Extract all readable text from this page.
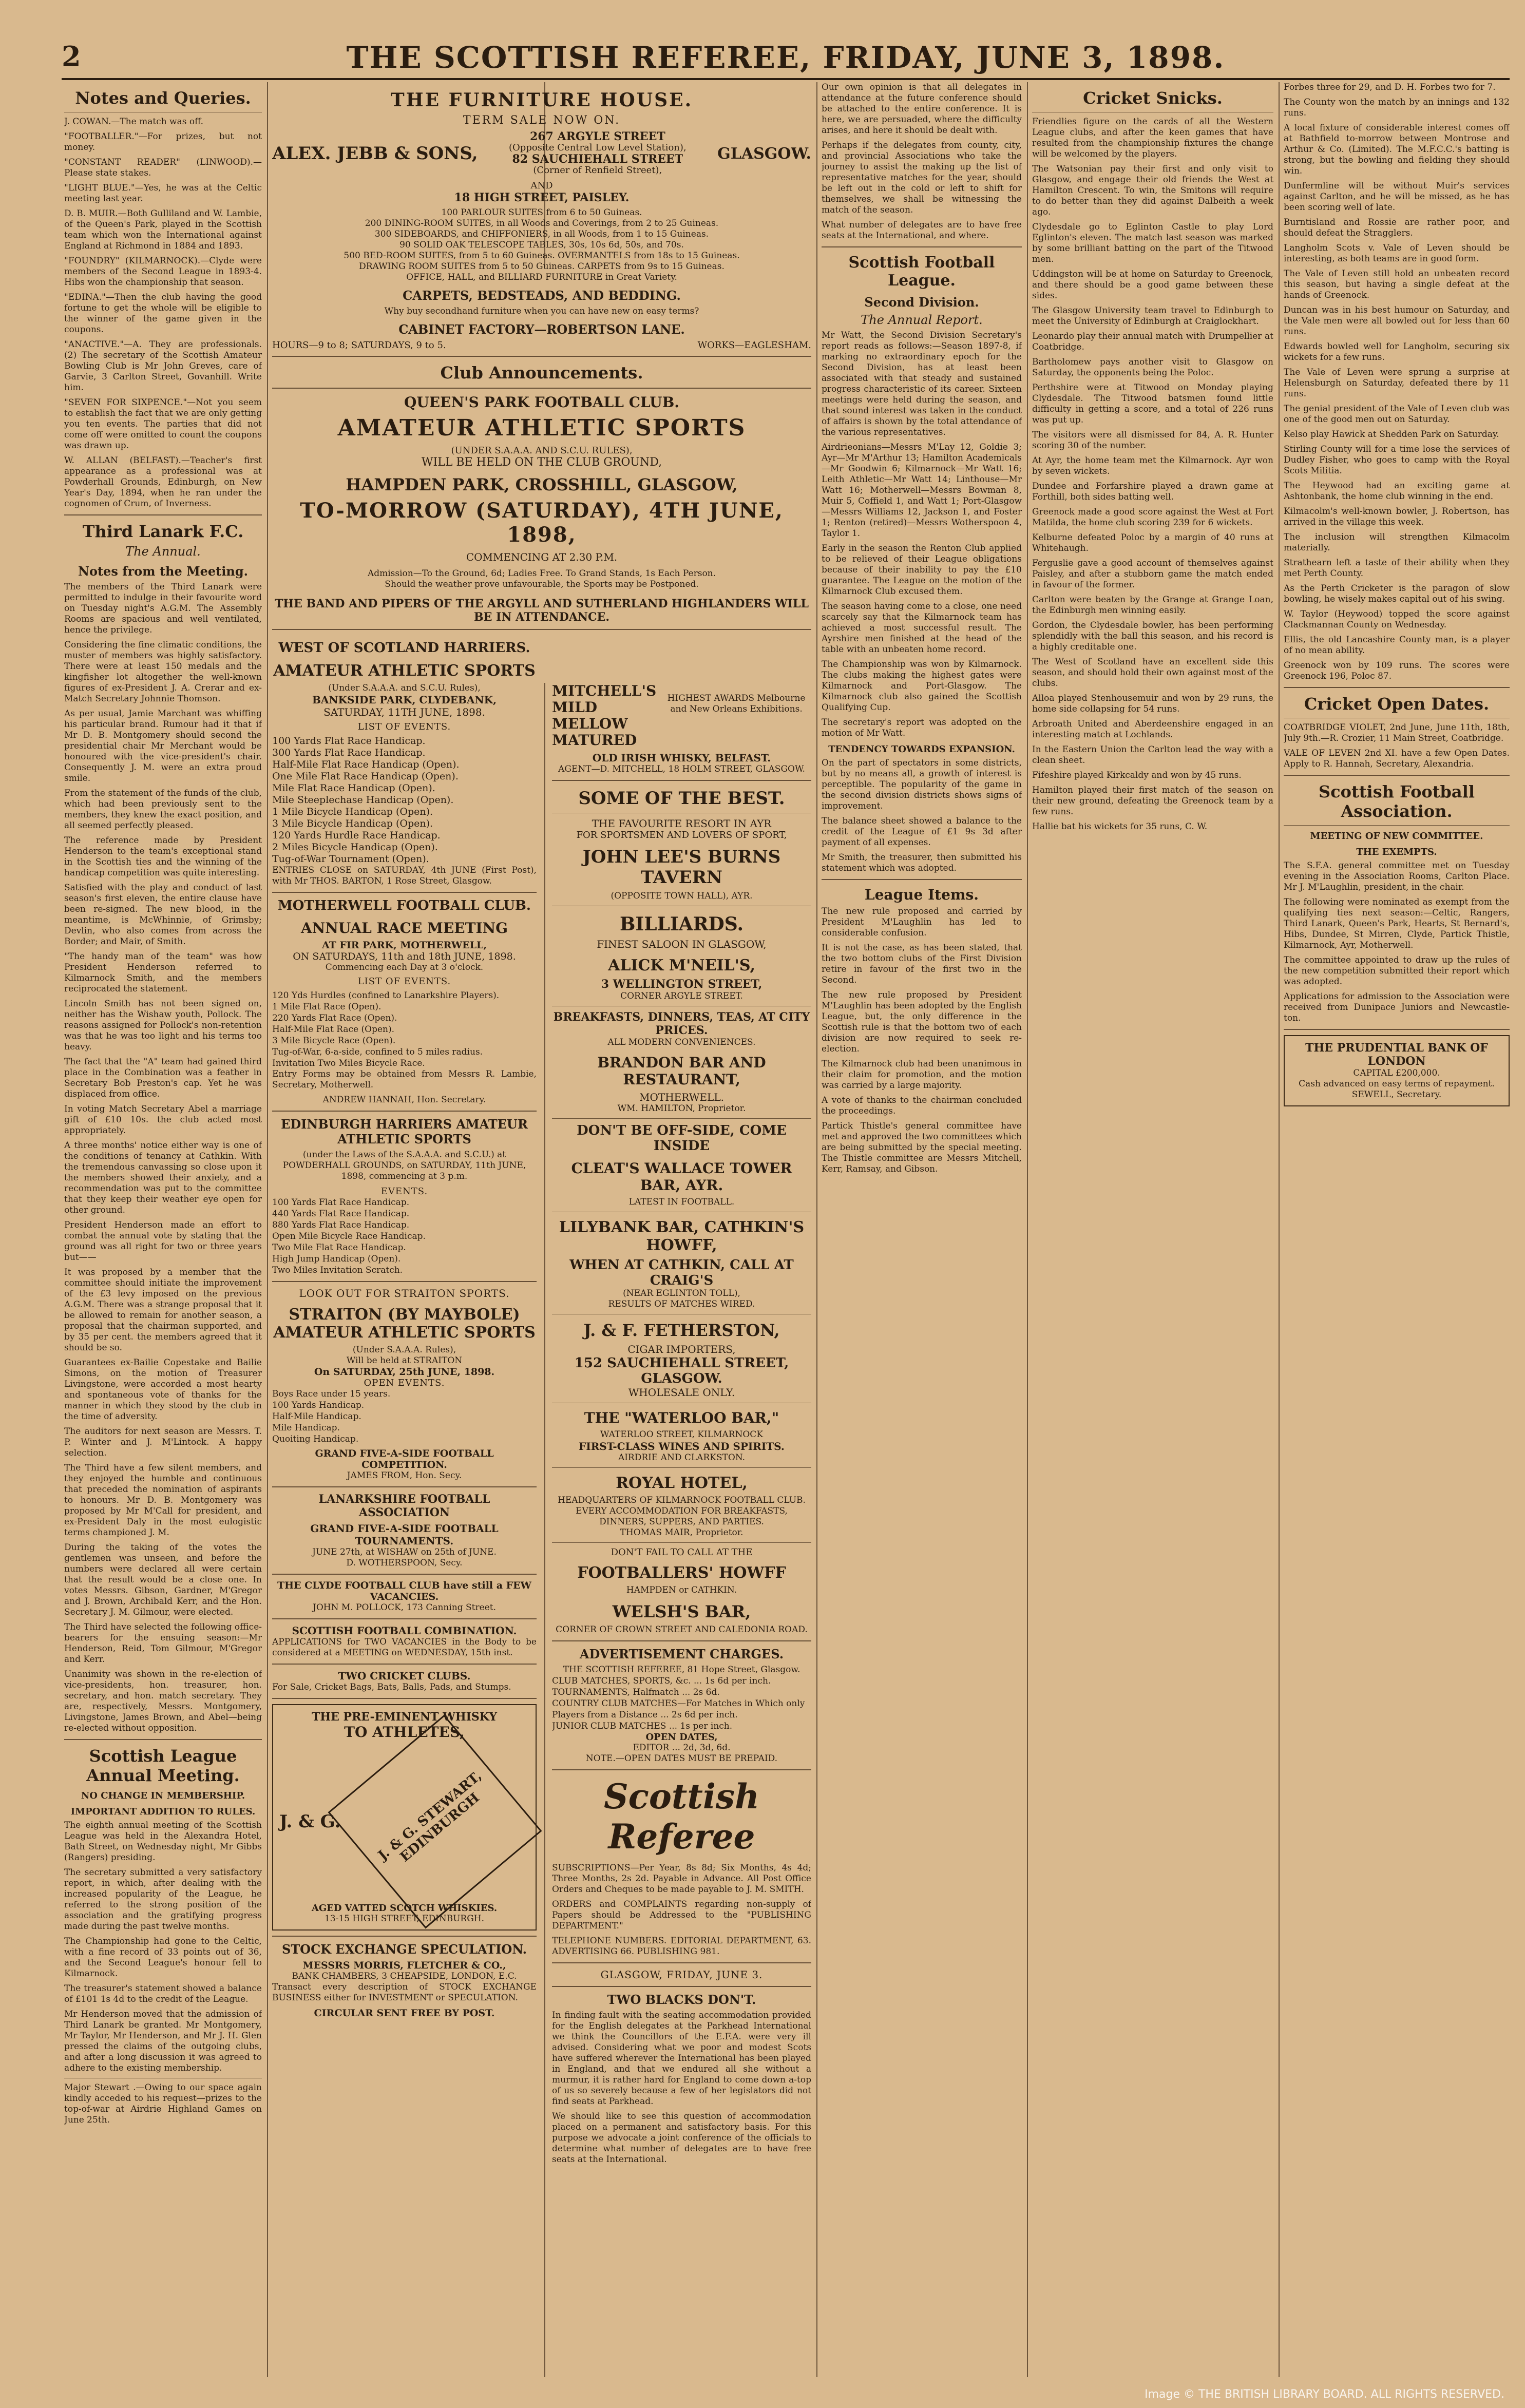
2	THE SCOTTISH REFEREE, FRIDAY, JUNE 3, 1898.
Notes and Queries.

J. COWAN.—The match was off.

"FOOTBALLER."—For prizes, but not money.

"CONSTANT READER" (LINWOOD).—Please state stakes.

"LIGHT BLUE."—Yes, he was at the Celtic meeting last year.

D. B. MUIR.—Both Gulliland and W. Lambie, of the Queen's Park, played in the Scottish team which won the International against England at Richmond in 1884 and 1893.

"FOUNDRY" (KILMARNOCK).—Clyde were members of the Second League in 1893-4. Hibs won the championship that season.

"EDINA."—Then the club having the good fortune to get the whole will be eligible to the winner of the game given in the coupons.

"ANACTIVE."—A. They are professionals. (2) The secretary of the Scottish Amateur Bowling Club is Mr John Greves, care of Garvie, 3 Carlton Street, Govanhill. Write him.

"SEVEN FOR SIXPENCE."—Not you seem to establish the fact that we are only getting you ten events. The parties that did not come off were omitted to count the coupons was drawn up.

W. ALLAN (BELFAST).—Teacher's first appearance as a professional was at Powderhall Grounds, Edinburgh, on New Year's Day, 1894, when he ran under the cognomen of Crum, of Inverness.

Third Lanark F.C.
The Annual.
Notes from the Meeting.

The members of the Third Lanark were permitted to indulge in their favourite word on Tuesday night's A.G.M. The Assembly Rooms are spacious and well ventilated, hence the privilege.

Considering the fine climatic conditions, the muster of members was highly satisfactory. There were at least 150 medals and the kingfisher lot altogether the well-known figures of ex-President J. A. Crerar and ex-Match Secretary Johnnie Thomson.

As per usual, Jamie Marchant was whiffing his particular brand. Rumour had it that if Mr D. B. Montgomery should second the presidential chair Mr Merchant would be honoured with the vice-president's chair. Consequently J. M. were an extra proud smile.

From the statement of the funds of the club, which had been previously sent to the members, they knew the exact position, and all seemed perfectly pleased.

The reference made by President Henderson to the team's exceptional stand in the Scottish ties and the winning of the handicap competition was quite interesting.

Satisfied with the play and conduct of last season's first eleven, the entire clause have been re-signed. The new blood, in the meantime, is McWhinnie, of Grimsby; Devlin, who also comes from across the Border; and Mair, of Smith.

"The handy man of the team" was how President Henderson referred to Kilmarnock Smith, and the members reciprocated the statement.

Lincoln Smith has not been signed on, neither has the Wishaw youth, Pollock. The reasons assigned for Pollock's non-retention was that he was too light and his terms too heavy.

The fact that the "A" team had gained third place in the Combination was a feather in Secretary Bob Preston's cap. Yet he was displaced from office.

In voting Match Secretary Abel a marriage gift of £10 10s. the club acted most appropriately.

A three months' notice either way is one of the conditions of tenancy at Cathkin. With the tremendous canvassing so close upon it the members showed their anxiety, and a recommendation was put to the committee that they keep their weather eye open for other ground.

President Henderson made an effort to combat the annual vote by stating that the ground was all right for two or three years but——

It was proposed by a member that the committee should initiate the improvement of the £3 levy imposed on the previous A.G.M. There was a strange proposal that it be allowed to remain for another season, a proposal that the chairman supported, and by 35 per cent. the members agreed that it should be so.

Guarantees ex-Bailie Copestake and Bailie Simons, on the motion of Treasurer Livingstone, were accorded a most hearty and spontaneous vote of thanks for the manner in which they stood by the club in the time of adversity.

The auditors for next season are Messrs. T. P. Winter and J. M'Lintock. A happy selection.

The Third have a few silent members, and they enjoyed the humble and continuous that preceded the nomination of aspirants to honours. Mr D. B. Montgomery was proposed by Mr M'Call for president, and ex-President Daly in the most eulogistic terms championed J. M.

During the taking of the votes the gentlemen was unseen, and before the numbers were declared all were certain that the result would be a close one. In votes Messrs. Gibson, Gardner, M'Gregor and J. Brown, Archibald Kerr, and the Hon. Secretary J. M. Gilmour, were elected.

The Third have selected the following office-bearers for the ensuing season:—Mr Henderson, Reid, Tom Gilmour, M'Gregor and Kerr.

Unanimity was shown in the re-election of vice-presidents, hon. treasurer, hon. secretary, and hon. match secretary. They are, respectively, Messrs. Montgomery, Livingstone, James Brown, and Abel—being re-elected without opposition.

Scottish League Annual Meeting.
NO CHANGE IN MEMBERSHIP.
IMPORTANT ADDITION TO RULES.

The eighth annual meeting of the Scottish League was held in the Alexandra Hotel, Bath Street, on Wednesday night, Mr Gibbs (Rangers) presiding.

The secretary submitted a very satisfactory report, in which, after dealing with the increased popularity of the League, he referred to the strong position of the association and the gratifying progress made during the past twelve months.

The Championship had gone to the Celtic, with a fine record of 33 points out of 36, and the Second League's honour fell to Kilmarnock.

The treasurer's statement showed a balance of £101 1s 4d to the credit of the League.

Mr Henderson moved that the admission of Third Lanark be granted. Mr Montgomery, Mr Taylor, Mr Henderson, and Mr J. H. Glen pressed the claims of the outgoing clubs, and after a long discussion it was agreed to adhere to the existing membership.

Major Stewart .—Owing to our space again kindly acceded to his request—prizes to the top-of-war at Airdrie Highland Games on June 25th.

THE FURNITURE HOUSE.
TERM SALE NOW ON.
ALEX. JEBB & SONS,
267 ARGYLE STREET
(Opposite Central Low Level Station),
82 SAUCHIEHALL STREET
(Corner of Renfield Street),
GLASGOW.
AND
18 HIGH STREET, PAISLEY.
100 PARLOUR SUITES from 6 to 50 Guineas.
200 DINING-ROOM SUITES, in all Woods and Coverings, from 2 to 25 Guineas.
300 SIDEBOARDS, and CHIFFONIERS, in all Woods, from 1 to 15 Guineas.
90 SOLID OAK TELESCOPE TABLES, 30s, 10s 6d, 50s, and 70s.
500 BED-ROOM SUITES, from 5 to 60 Guineas. OVERMANTELS from 18s to 15 Guineas.
DRAWING ROOM SUITES from 5 to 50 Guineas. CARPETS from 9s to 15 Guineas.
OFFICE, HALL, and BILLIARD FURNITURE in Great Variety.
CARPETS, BEDSTEADS, AND BEDDING.
Why buy secondhand furniture when you can have new on easy terms?
CABINET FACTORY—ROBERTSON LANE.
HOURS—9 to 8; SATURDAYS, 9 to 5.	WORKS—EAGLESHAM.
Club Announcements.
QUEEN'S PARK FOOTBALL CLUB.
AMATEUR ATHLETIC SPORTS
(UNDER S.A.A.A. AND S.C.U. RULES),
WILL BE HELD ON THE CLUB GROUND,
HAMPDEN PARK, CROSSHILL, GLASGOW,
TO-MORROW (SATURDAY), 4TH JUNE, 1898,
COMMENCING AT 2.30 P.M.
Admission—To the Ground, 6d; Ladies Free. To Grand Stands, 1s Each Person.
Should the weather prove unfavourable, the Sports may be Postponed.
THE BAND AND PIPERS OF THE ARGYLL AND SUTHERLAND HIGHLANDERS WILL BE IN ATTENDANCE.
WEST OF SCOTLAND HARRIERS.
AMATEUR ATHLETIC SPORTS
(Under S.A.A.A. and S.C.U. Rules),
BANKSIDE PARK, CLYDEBANK,
SATURDAY, 11TH JUNE, 1898.
LIST OF EVENTS.
100 Yards Flat Race Handicap.
300 Yards Flat Race Handicap.
Half-Mile Flat Race Handicap (Open).
One Mile Flat Race Handicap (Open).
Mile Flat Race Handicap (Open).
Mile Steeplechase Handicap (Open).
1 Mile Bicycle Handicap (Open).
3 Mile Bicycle Handicap (Open).
120 Yards Hurdle Race Handicap.
2 Miles Bicycle Handicap (Open).
Tug-of-War Tournament (Open).

ENTRIES CLOSE on SATURDAY, 4th JUNE (First Post), with Mr THOS. BARTON, 1 Rose Street, Glasgow.

MOTHERWELL FOOTBALL CLUB.
ANNUAL RACE MEETING
AT FIR PARK, MOTHERWELL,
ON SATURDAYS, 11th and 18th JUNE, 1898.
Commencing each Day at 3 o'clock.
LIST OF EVENTS.
120 Yds Hurdles (confined to Lanarkshire Players).
1 Mile Flat Race (Open).
220 Yards Flat Race (Open).
Half-Mile Flat Race (Open).
3 Mile Bicycle Race (Open).
Tug-of-War, 6-a-side, confined to 5 miles radius.
Invitation Two Miles Bicycle Race.

Entry Forms may be obtained from Messrs R. Lambie, Secretary, Motherwell.

ANDREW HANNAH, Hon. Secretary.
EDINBURGH HARRIERS AMATEUR ATHLETIC SPORTS

(under the Laws of the S.A.A.A. and S.C.U.) at POWDERHALL GROUNDS, on SATURDAY, 11th JUNE, 1898, commencing at 3 p.m.

EVENTS.
100 Yards Flat Race Handicap.
440 Yards Flat Race Handicap.
880 Yards Flat Race Handicap.
Open Mile Bicycle Race Handicap.
Two Mile Flat Race Handicap.
High Jump Handicap (Open).
Two Miles Invitation Scratch.
LOOK OUT FOR STRAITON SPORTS.
STRAITON (BY MAYBOLE) AMATEUR ATHLETIC SPORTS
(Under S.A.A.A. Rules),
Will be held at STRAITON
On SATURDAY, 25th JUNE, 1898.
OPEN EVENTS.
Boys Race under 15 years.
100 Yards Handicap.
Half-Mile Handicap.
Mile Handicap.
Quoiting Handicap.
GRAND FIVE-A-SIDE FOOTBALL COMPETITION.
JAMES FROM, Hon. Secy.
LANARKSHIRE FOOTBALL ASSOCIATION
GRAND FIVE-A-SIDE FOOTBALL TOURNAMENTS.
JUNE 27th, at WISHAW on 25th of JUNE.
D. WOTHERSPOON, Secy.
THE CLYDE FOOTBALL CLUB have still a FEW VACANCIES.
JOHN M. POLLOCK, 173 Canning Street.
SCOTTISH FOOTBALL COMBINATION.

APPLICATIONS for TWO VACANCIES in the Body to be considered at a MEETING on WEDNESDAY, 15th inst.

TWO CRICKET CLUBS.

For Sale, Cricket Bags, Bats, Balls, Pads, and Stumps.

THE PRE-EMINENT WHISKY
TO ATHLETES,
J. & G.	J. & G. STEWART, EDINBURGH
AGED VATTED SCOTCH WHISKIES.
13-15 HIGH STREET, EDINBURGH.
STOCK EXCHANGE SPECULATION.
MESSRS MORRIS, FLETCHER & CO.,
BANK CHAMBERS, 3 CHEAPSIDE, LONDON, E.C.

Transact every description of STOCK EXCHANGE BUSINESS either for INVESTMENT or SPECULATION.

CIRCULAR SENT FREE BY POST.
MITCHELL'S
MILD
MELLOW
MATURED
HIGHEST AWARDS Melbourne and New Orleans Exhibitions.
OLD IRISH WHISKY, BELFAST.
AGENT—D. MITCHELL, 18 HOLM STREET, GLASGOW.
SOME OF THE BEST.
THE FAVOURITE RESORT IN AYR
FOR SPORTSMEN AND LOVERS OF SPORT,
JOHN LEE'S BURNS TAVERN
(OPPOSITE TOWN HALL), AYR.
BILLIARDS.
FINEST SALOON IN GLASGOW,
ALICK M'NEIL'S,
3 WELLINGTON STREET,
CORNER ARGYLE STREET.
BREAKFASTS, DINNERS, TEAS, AT CITY PRICES.
ALL MODERN CONVENIENCES.
BRANDON BAR AND RESTAURANT,
MOTHERWELL.
WM. HAMILTON, Proprietor.
DON'T BE OFF-SIDE, COME INSIDE
CLEAT'S WALLACE TOWER BAR, AYR.
LATEST IN FOOTBALL.
LILYBANK BAR, CATHKIN'S HOWFF,
WHEN AT CATHKIN, CALL AT CRAIG'S
(NEAR EGLINTON TOLL),
RESULTS OF MATCHES WIRED.
J. & F. FETHERSTON,
CIGAR IMPORTERS,
152 SAUCHIEHALL STREET, GLASGOW.
WHOLESALE ONLY.
THE "WATERLOO BAR,"
WATERLOO STREET, KILMARNOCK
FIRST-CLASS WINES AND SPIRITS.
AIRDRIE AND CLARKSTON.
ROYAL HOTEL,
HEADQUARTERS OF KILMARNOCK FOOTBALL CLUB.
EVERY ACCOMMODATION FOR BREAKFASTS, DINNERS, SUPPERS, AND PARTIES.
THOMAS MAIR, Proprietor.
DON'T FAIL TO CALL AT THE
FOOTBALLERS' HOWFF
HAMPDEN or CATHKIN.
WELSH'S BAR,
CORNER OF CROWN STREET AND CALEDONIA ROAD.
ADVERTISEMENT CHARGES.
THE SCOTTISH REFEREE, 81 Hope Street, Glasgow.
CLUB MATCHES, SPORTS, &c. ... 1s 6d per inch.
TOURNAMENTS, Halfmatch ... 2s 6d.
COUNTRY CLUB MATCHES—For Matches in Which only Players from a Distance ... 2s 6d per inch.
JUNIOR CLUB MATCHES ... 1s per inch.
OPEN DATES,
EDITOR ... 2d, 3d, 6d.
NOTE.—OPEN DATES MUST BE PREPAID.
Scottish Referee

SUBSCRIPTIONS—Per Year, 8s 8d; Six Months, 4s 4d; Three Months, 2s 2d. Payable in Advance. All Post Office Orders and Cheques to be made payable to J. M. SMITH.

ORDERS and COMPLAINTS regarding non-supply of Papers should be Addressed to the "PUBLISHING DEPARTMENT."

TELEPHONE NUMBERS. EDITORIAL DEPARTMENT, 63. ADVERTISING 66. PUBLISHING 981.

GLASGOW, FRIDAY, JUNE 3.
TWO BLACKS DON'T.

In finding fault with the seating accommodation provided for the English delegates at the Parkhead International we think the Councillors of the E.F.A. were very ill advised. Considering what we poor and modest Scots have suffered wherever the International has been played in England, and that we endured all she without a murmur, it is rather hard for England to come down a-top of us so severely because a few of her legislators did not find seats at Parkhead.

We should like to see this question of accommodation placed on a permanent and satisfactory basis. For this purpose we advocate a joint conference of the officials to determine what number of delegates are to have free seats at the International.

Our own opinion is that all delegates in attendance at the future conference should be attached to the entire conference. It is here, we are persuaded, where the difficulty arises, and here it should be dealt with.

Perhaps if the delegates from county, city, and provincial Associations who take the journey to assist the making up the list of representative matches for the year, should be left out in the cold or left to shift for themselves, we shall be witnessing the match of the season.

What number of delegates are to have free seats at the International, and where.

Scottish Football League.
Second Division.
The Annual Report.

Mr Watt, the Second Division Secretary's report reads as follows:—Season 1897-8, if marking no extraordinary epoch for the Second Division, has at least been associated with that steady and sustained progress characteristic of its career. Sixteen meetings were held during the season, and that sound interest was taken in the conduct of affairs is shown by the total attendance of the various representatives.

Airdrieonians—Messrs M'Lay 12, Goldie 3; Ayr—Mr M'Arthur 13; Hamilton Academicals—Mr Goodwin 6; Kilmarnock—Mr Watt 16; Leith Athletic—Mr Watt 14; Linthouse—Mr Watt 16; Motherwell—Messrs Bowman 8, Muir 5, Coffield 1, and Watt 1; Port-Glasgow—Messrs Williams 12, Jackson 1, and Foster 1; Renton (retired)—Messrs Wotherspoon 4, Taylor 1.

Early in the season the Renton Club applied to be relieved of their League obligations because of their inability to pay the £10 guarantee. The League on the motion of the Kilmarnock Club excused them.

The season having come to a close, one need scarcely say that the Kilmarnock team has achieved a most successful result. The Ayrshire men finished at the head of the table with an unbeaten home record.

The Championship was won by Kilmarnock. The clubs making the highest gates were Kilmarnock and Port-Glasgow. The Kilmarnock club also gained the Scottish Qualifying Cup.

The secretary's report was adopted on the motion of Mr Watt.

TENDENCY TOWARDS EXPANSION.

On the part of spectators in some districts, but by no means all, a growth of interest is perceptible. The popularity of the game in the second division districts shows signs of improvement.

The balance sheet showed a balance to the credit of the League of £1 9s 3d after payment of all expenses.

Mr Smith, the treasurer, then submitted his statement which was adopted.

League Items.

The new rule proposed and carried by President M'Laughlin has led to considerable confusion.

It is not the case, as has been stated, that the two bottom clubs of the First Division retire in favour of the first two in the Second.

The new rule proposed by President M'Laughlin has been adopted by the English League, but, the only difference in the Scottish rule is that the bottom two of each division are now required to seek re-election.

The Kilmarnock club had been unanimous in their claim for promotion, and the motion was carried by a large majority.

A vote of thanks to the chairman concluded the proceedings.

Partick Thistle's general committee have met and approved the two committees which are being submitted by the special meeting. The Thistle committee are Messrs Mitchell, Kerr, Ramsay, and Gibson.

Cricket Snicks.

Friendlies figure on the cards of all the Western League clubs, and after the keen games that have resulted from the championship fixtures the change will be welcomed by the players.

The Watsonian pay their first and only visit to Glasgow, and engage their old friends the West at Hamilton Crescent. To win, the Smitons will require to do better than they did against Dalbeith a week ago.

Clydesdale go to Eglinton Castle to play Lord Eglinton's eleven. The match last season was marked by some brilliant batting on the part of the Titwood men.

Uddingston will be at home on Saturday to Greenock, and there should be a good game between these sides.

The Glasgow University team travel to Edinburgh to meet the University of Edinburgh at Craiglockhart.

Leonardo play their annual match with Drumpellier at Coatbridge.

Bartholomew pays another visit to Glasgow on Saturday, the opponents being the Poloc.

Perthshire were at Titwood on Monday playing Clydesdale. The Titwood batsmen found little difficulty in getting a score, and a total of 226 runs was put up.

The visitors were all dismissed for 84, A. R. Hunter scoring 30 of the number.

At Ayr, the home team met the Kilmarnock. Ayr won by seven wickets.

Dundee and Forfarshire played a drawn game at Forthill, both sides batting well.

Greenock made a good score against the West at Fort Matilda, the home club scoring 239 for 6 wickets.

Kelburne defeated Poloc by a margin of 40 runs at Whitehaugh.

Ferguslie gave a good account of themselves against Paisley, and after a stubborn game the match ended in favour of the former.

Carlton were beaten by the Grange at Grange Loan, the Edinburgh men winning easily.

Gordon, the Clydesdale bowler, has been performing splendidly with the ball this season, and his record is a highly creditable one.

The West of Scotland have an excellent side this season, and should hold their own against most of the clubs.

Alloa played Stenhousemuir and won by 29 runs, the home side collapsing for 54 runs.

Arbroath United and Aberdeenshire engaged in an interesting match at Lochlands.

In the Eastern Union the Carlton lead the way with a clean sheet.

Fifeshire played Kirkcaldy and won by 45 runs.

Hamilton played their first match of the season on their new ground, defeating the Greenock team by a few runs.

Hallie bat his wickets for 35 runs, C. W.

Forbes three for 29, and D. H. Forbes two for 7.

The County won the match by an innings and 132 runs.

A local fixture of considerable interest comes off at Bathfield to-morrow between Montrose and Arthur & Co. (Limited). The M.F.C.C.'s batting is strong, but the bowling and fielding they should win.

Dunfermline will be without Muir's services against Carlton, and he will be missed, as he has been scoring well of late.

Burntisland and Rossie are rather poor, and should defeat the Stragglers.

Langholm Scots v. Vale of Leven should be interesting, as both teams are in good form.

The Vale of Leven still hold an unbeaten record this season, but having a single defeat at the hands of Greenock.

Duncan was in his best humour on Saturday, and the Vale men were all bowled out for less than 60 runs.

Edwards bowled well for Langholm, securing six wickets for a few runs.

The Vale of Leven were sprung a surprise at Helensburgh on Saturday, defeated there by 11 runs.

The genial president of the Vale of Leven club was one of the good men out on Saturday.

Kelso play Hawick at Shedden Park on Saturday.

Stirling County will for a time lose the services of Dudley Fisher, who goes to camp with the Royal Scots Militia.

The Heywood had an exciting game at Ashtonbank, the home club winning in the end.

Kilmacolm's well-known bowler, J. Robertson, has arrived in the village this week.

The inclusion will strengthen Kilmacolm materially.

Strathearn left a taste of their ability when they met Perth County.

As the Perth Cricketer is the paragon of slow bowling, he wisely makes capital out of his swing.

W. Taylor (Heywood) topped the score against Clackmannan County on Wednesday.

Ellis, the old Lancashire County man, is a player of no mean ability.

Greenock won by 109 runs. The scores were Greenock 196, Poloc 87.

Cricket Open Dates.

COATBRIDGE VIOLET, 2nd June, June 11th, 18th, July 9th.—R. Crozier, 11 Main Street, Coatbridge.

VALE OF LEVEN 2nd XI. have a few Open Dates. Apply to R. Hannah, Secretary, Alexandria.

Scottish Football Association.
MEETING OF NEW COMMITTEE.
THE EXEMPTS.

The S.F.A. general committee met on Tuesday evening in the Association Rooms, Carlton Place. Mr J. M'Laughlin, president, in the chair.

The following were nominated as exempt from the qualifying ties next season:—Celtic, Rangers, Third Lanark, Queen's Park, Hearts, St Bernard's, Hibs, Dundee, St Mirren, Clyde, Partick Thistle, Kilmarnock, Ayr, Motherwell.

The committee appointed to draw up the rules of the new competition submitted their report which was adopted.

Applications for admission to the Association were received from Dunipace Juniors and Newcastle-ton.

THE PRUDENTIAL BANK OF LONDON
CAPITAL £200,000.
Cash advanced on easy terms of repayment.
SEWELL, Secretary.
Image © THE BRITISH LIBRARY BOARD. ALL RIGHTS RESERVED.
